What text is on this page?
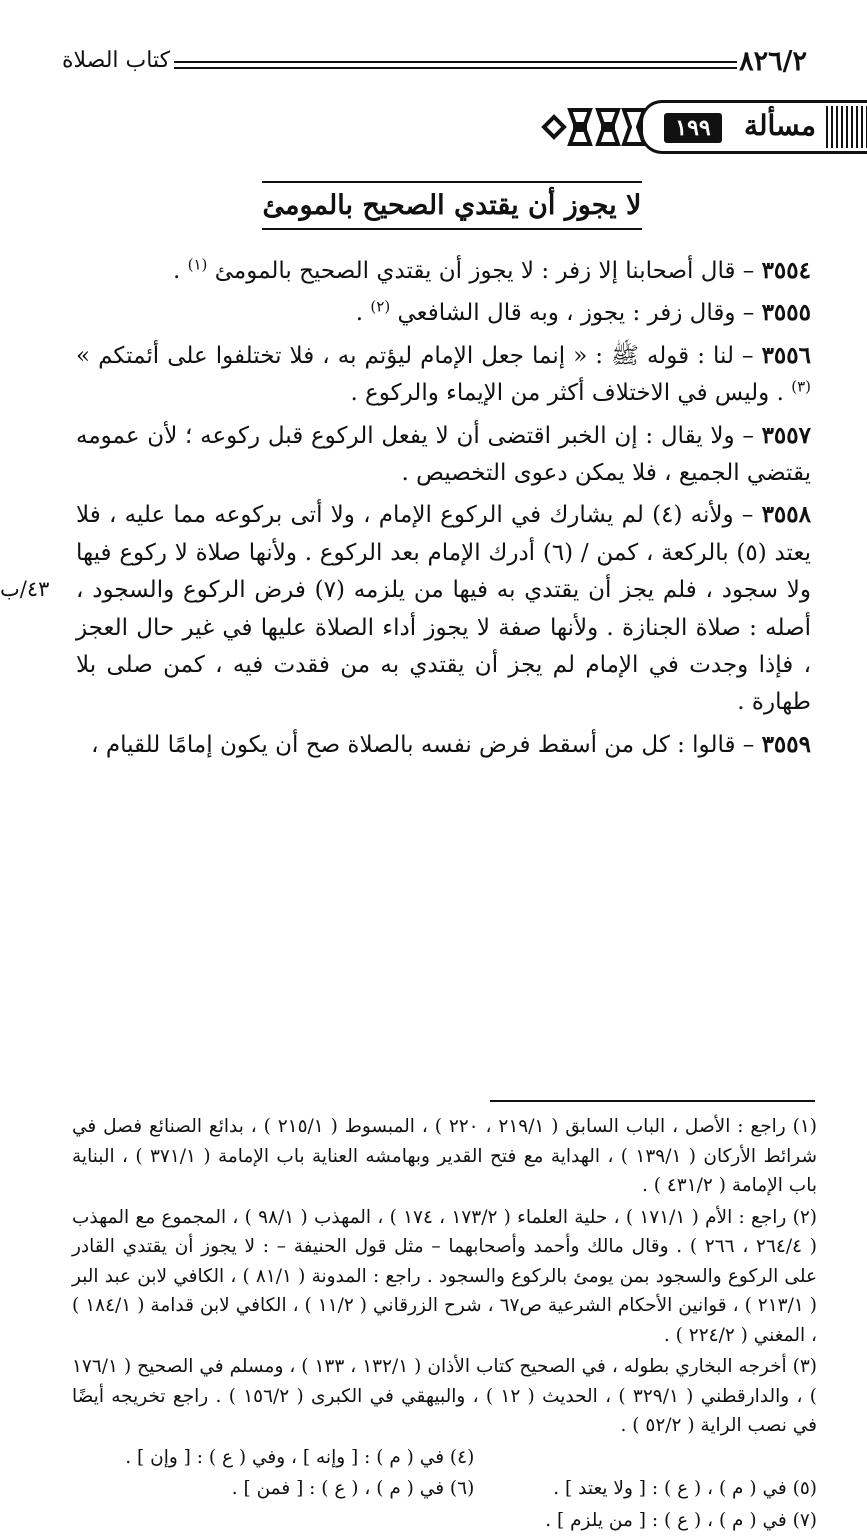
٨٢٦/٢
كتاب الصلاة
مسألة
١٩٩
لا يجوز أن يقتدي الصحيح بالمومئ
٤٣/ب

٣٥٥٤ – قال أصحابنا إلا زفر : لا يجوز أن يقتدي الصحيح بالمومئ $^{(١)}$ .

٣٥٥٥ – وقال زفر : يجوز ، وبه قال الشافعي $^{(٢)}$ .

٣٥٥٦ – لنا : قوله ﷺ : « إنما جعل الإمام ليؤتم به ، فلا تختلفوا على أئمتكم » $^{(٣)}$ . وليس في الاختلاف أكثر من الإيماء والركوع .

٣٥٥٧ – ولا يقال : إن الخبر اقتضى أن لا يفعل الركوع قبل ركوعه ؛ لأن عمومه يقتضي الجميع ، فلا يمكن دعوى التخصيص .

٣٥٥٨ – ولأنه (٤) لم يشارك في الركوع الإمام ، ولا أتى بركوعه مما عليه ، فلا يعتد (٥) بالركعة ، كمن / (٦) أدرك الإمام بعد الركوع . ولأنها صلاة لا ركوع فيها ولا سجود ، فلم يجز أن يقتدي به فيها من يلزمه (٧) فرض الركوع والسجود ، أصله : صلاة الجنازة . ولأنها صفة لا يجوز أداء الصلاة عليها في غير حال العجز ، فإذا وجدت في الإمام لم يجز أن يقتدي به من فقدت فيه ، كمن صلى بلا طهارة .

٣٥٥٩ – قالوا : كل من أسقط فرض نفسه بالصلاة صح أن يكون إمامًا للقيام ،

(١) راجع : الأصل ، الباب السابق ( ٢١٩/١ ، ٢٢٠ ) ، المبسوط ( ٢١٥/١ ) ، بدائع الصنائع فصل في شرائط الأركان ( ١٣٩/١ ) ، الهداية مع فتح القدير وبهامشه العناية باب الإمامة ( ٣٧١/١ ) ، البناية باب الإمامة ( ٤٣١/٢ ) .

(٢) راجع : الأم ( ١٧١/١ ) ، حلية العلماء ( ١٧٣/٢ ، ١٧٤ ) ، المهذب ( ٩٨/١ ) ، المجموع مع المهذب ( ٢٦٤/٤ ، ٢٦٦ ) . وقال مالك وأحمد وأصحابهما – مثل قول الحنيفة – : لا يجوز أن يقتدي القادر على الركوع والسجود بمن يومئ بالركوع والسجود . راجع : المدونة ( ٨١/١ ) ، الكافي لابن عبد البر ( ٢١٣/١ ) ، قوانين الأحكام الشرعية ص٦٧ ، شرح الزرقاني ( ١١/٢ ) ، الكافي لابن قدامة ( ١٨٤/١ ) ، المغني ( ٢٢٤/٢ ) .

(٣) أخرجه البخاري بطوله ، في الصحيح كتاب الأذان ( ١٣٢/١ ، ١٣٣ ) ، ومسلم في الصحيح ( ١٧٦/١ ) ، والدارقطني ( ٣٢٩/١ ) ، الحديث ( ١٢ ) ، والبيهقي في الكبرى ( ١٥٦/٢ ) . راجع تخريجه أيضًا في نصب الراية ( ٥٢/٢ ) .

(٤) في ( م ) : [ وإنه ] ، وفي ( ع ) : [ وإن ] .
(٥) في ( م ) ، ( ع ) : [ ولا يعتد ] .
(٦) في ( م ) ، ( ع ) : [ فمن ] .

(٧) في ( م ) ، ( ع ) : [ من يلزم ] .
